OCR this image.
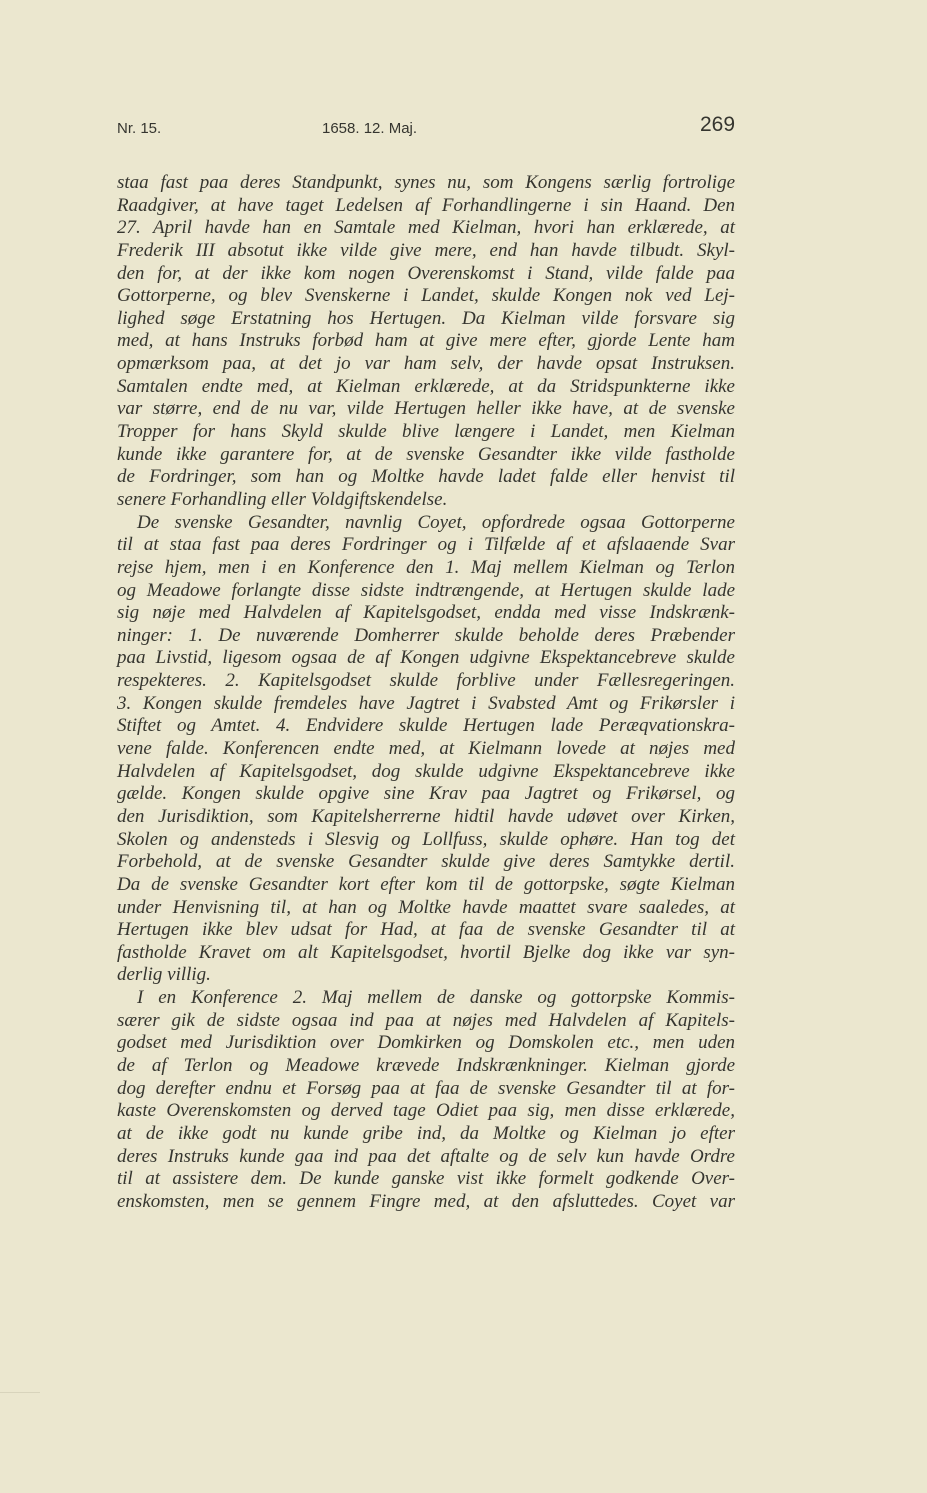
Nr. 15.	1658. 12. Maj.	269
staa fast paa deres Standpunkt, synes nu, som Kongens særlig fortrolige
Raadgiver, at have taget Ledelsen af Forhandlingerne i sin Haand. Den
27. April havde han en Samtale med Kielman, hvori han erklærede, at
Frederik III absotut ikke vilde give mere, end han havde tilbudt. Skyl-
den for, at der ikke kom nogen Overenskomst i Stand, vilde falde paa
Gottorperne, og blev Svenskerne i Landet, skulde Kongen nok ved Lej-
lighed søge Erstatning hos Hertugen. Da Kielman vilde forsvare sig
med, at hans Instruks forbød ham at give mere efter, gjorde Lente ham
opmærksom paa, at det jo var ham selv, der havde opsat Instruksen.
Samtalen endte med, at Kielman erklærede, at da Stridspunkterne ikke
var større, end de nu var, vilde Hertugen heller ikke have, at de svenske
Tropper for hans Skyld skulde blive længere i Landet, men Kielman
kunde ikke garantere for, at de svenske Gesandter ikke vilde fastholde
de Fordringer, som han og Moltke havde ladet falde eller henvist til
senere Forhandling eller Voldgiftskendelse.
De svenske Gesandter, navnlig Coyet, opfordrede ogsaa Gottorperne
til at staa fast paa deres Fordringer og i Tilfælde af et afslaaende Svar
rejse hjem, men i en Konference den 1. Maj mellem Kielman og Terlon
og Meadowe forlangte disse sidste indtrængende, at Hertugen skulde lade
sig nøje med Halvdelen af Kapitelsgodset, endda med visse Indskrænk-
ninger: 1. De nuværende Domherrer skulde beholde deres Præbender
paa Livstid, ligesom ogsaa de af Kongen udgivne Ekspektancebreve skulde
respekteres. 2. Kapitelsgodset skulde forblive under Fællesregeringen.
3. Kongen skulde fremdeles have Jagtret i Svabsted Amt og Frikørsler i
Stiftet og Amtet. 4. Endvidere skulde Hertugen lade Peræqvationskra-
vene falde. Konferencen endte med, at Kielmann lovede at nøjes med
Halvdelen af Kapitelsgodset, dog skulde udgivne Ekspektancebreve ikke
gælde. Kongen skulde opgive sine Krav paa Jagtret og Frikørsel, og
den Jurisdiktion, som Kapitelsherrerne hidtil havde udøvet over Kirken,
Skolen og andensteds i Slesvig og Lollfuss, skulde ophøre. Han tog det
Forbehold, at de svenske Gesandter skulde give deres Samtykke dertil.
Da de svenske Gesandter kort efter kom til de gottorpske, søgte Kielman
under Henvisning til, at han og Moltke havde maattet svare saaledes, at
Hertugen ikke blev udsat for Had, at faa de svenske Gesandter til at
fastholde Kravet om alt Kapitelsgodset, hvortil Bjelke dog ikke var syn-
derlig villig.
I en Konference 2. Maj mellem de danske og gottorpske Kommis-
særer gik de sidste ogsaa ind paa at nøjes med Halvdelen af Kapitels-
godset med Jurisdiktion over Domkirken og Domskolen etc., men uden
de af Terlon og Meadowe krævede Indskrænkninger. Kielman gjorde
dog derefter endnu et Forsøg paa at faa de svenske Gesandter til at for-
kaste Overenskomsten og derved tage Odiet paa sig, men disse erklærede,
at de ikke godt nu kunde gribe ind, da Moltke og Kielman jo efter
deres Instruks kunde gaa ind paa det aftalte og de selv kun havde Ordre
til at assistere dem. De kunde ganske vist ikke formelt godkende Over-
enskomsten, men se gennem Fingre med, at den afsluttedes. Coyet var
